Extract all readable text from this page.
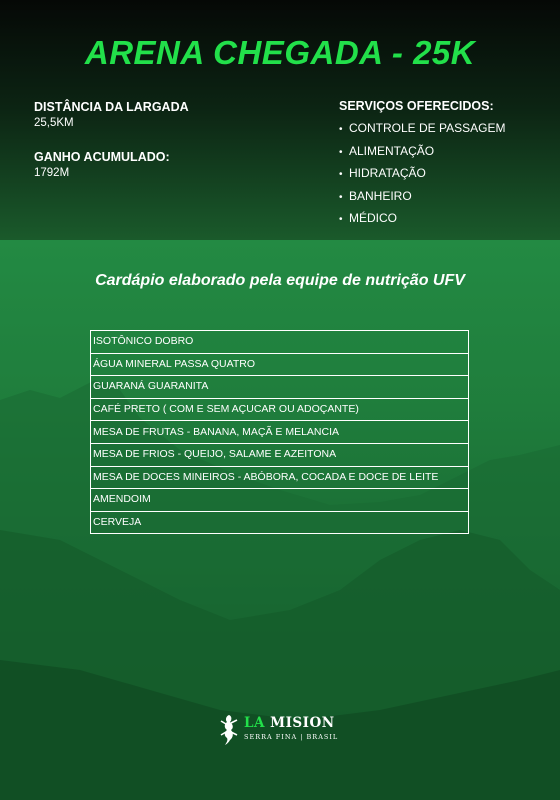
ARENA CHEGADA - 25K
DISTÂNCIA DA LARGADA
25,5KM
GANHO ACUMULADO:
1792M
SERVIÇOS OFERECIDOS:
• CONTROLE DE PASSAGEM
• ALIMENTAÇÃO
• HIDRATAÇÃO
• BANHEIRO
• MÉDICO
Cardápio elaborado pela equipe de nutrição UFV
ISOTÔNICO DOBRO
ÁGUA MINERAL PASSA QUATRO
GUARANÁ GUARANITA
CAFÉ PRETO ( COM E SEM AÇUCAR OU ADOÇANTE)
MESA DE FRUTAS - BANANA, MAÇÃ E MELANCIA
MESA DE FRIOS - QUEIJO, SALAME E AZEITONA
MESA DE DOCES MINEIROS - ABÓBORA, COCADA E DOCE DE LEITE
AMENDOIM
CERVEJA
LA MISION
SERRA FINA | BRASIL
